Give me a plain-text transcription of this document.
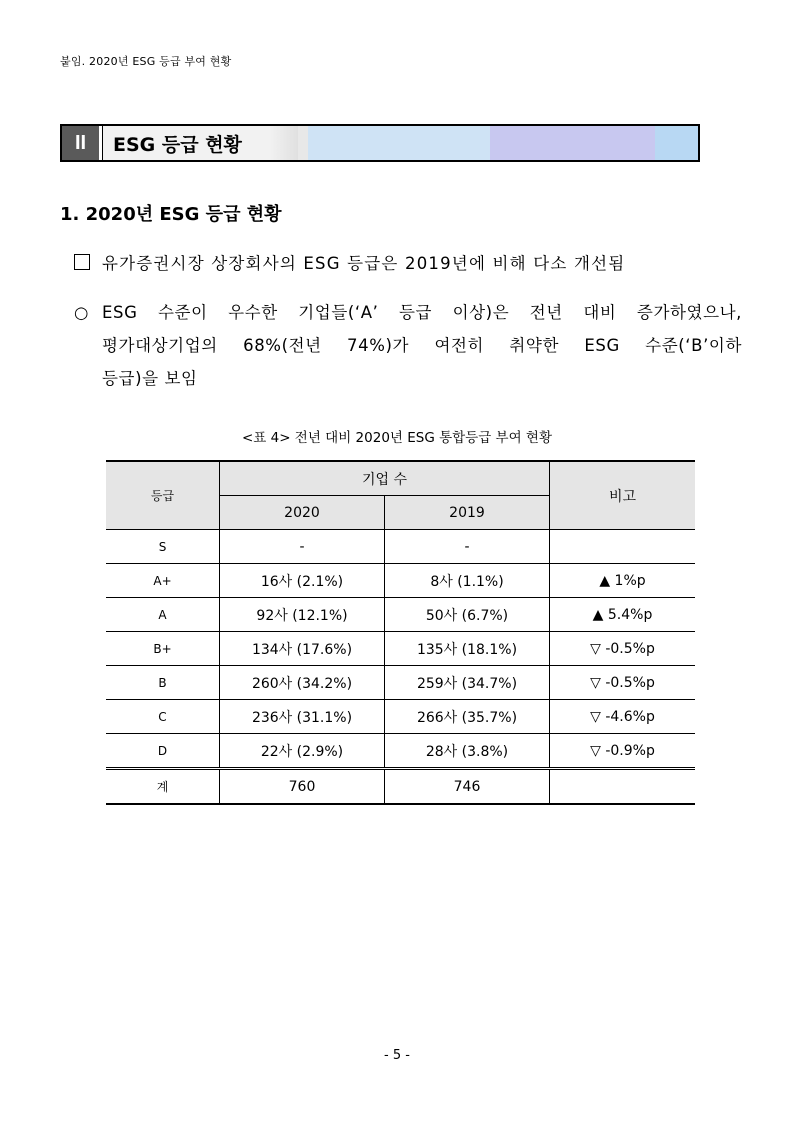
붙임. 2020년 ESG 등급 부여 현황
II ESG 등급 현황
1. 2020년 ESG 등급 현황
유가증권시장 상장회사의 ESG 등급은 2019년에 비해 다소 개선됨
○ ESG 수준이 우수한 기업들(‘A’ 등급 이상)은 전년 대비 증가하였으나,
평가대상기업의 68%(전년 74%)가 여전히 취약한 ESG 수준(‘B’이하
등급)을 보임
<표 4> 전년 대비 2020년 ESG 통합등급 부여 현황
등급	기업 수		비고
	2020	2019	
S	-	-	
A+	16사 (2.1%)	8사 (1.1%)	▲ 1%p
A	92사 (12.1%)	50사 (6.7%)	▲ 5.4%p
B+	134사 (17.6%)	135사 (18.1%)	▽ -0.5%p
B	260사 (34.2%)	259사 (34.7%)	▽ -0.5%p
C	236사 (31.1%)	266사 (35.7%)	▽ -4.6%p
D	22사 (2.9%)	28사 (3.8%)	▽ -0.9%p
계	760	746	
- 5 -
